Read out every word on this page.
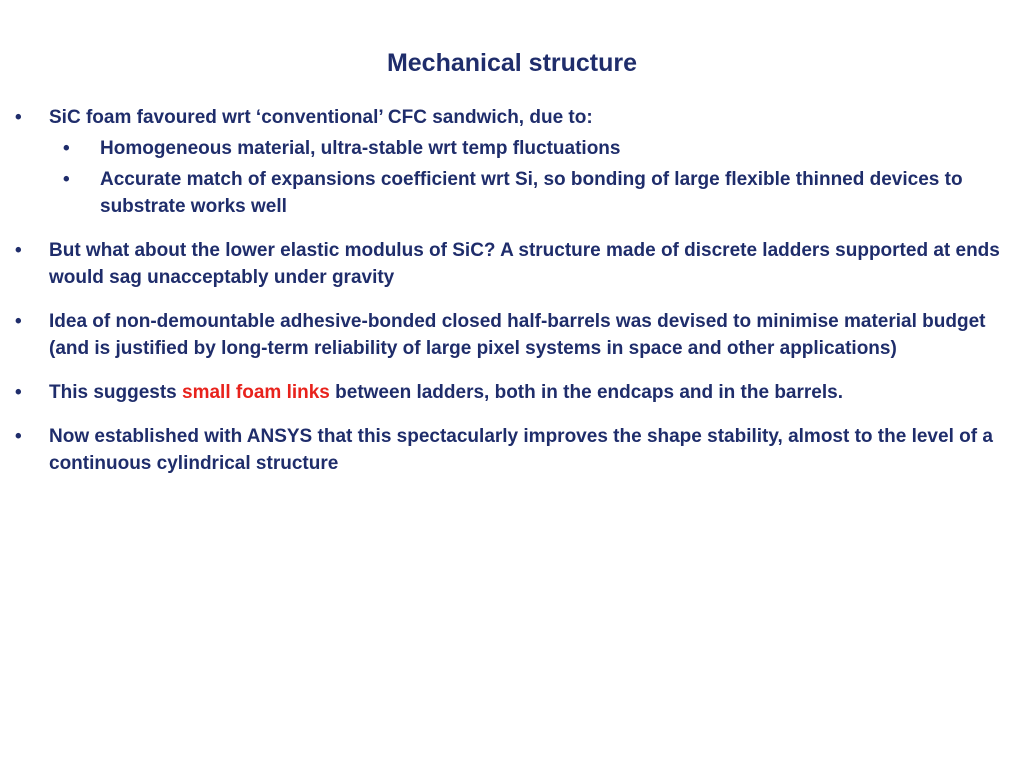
Mechanical structure
• SiC foam favoured wrt ‘conventional’ CFC sandwich, due to:
• Homogeneous material, ultra-stable wrt temp fluctuations
• Accurate match of expansions coefficient wrt Si, so bonding of large flexible thinned devices to substrate works well
• But what about the lower elastic modulus of SiC? A structure made of discrete ladders supported at ends would sag unacceptably under gravity
• Idea of non-demountable adhesive-bonded closed half-barrels was devised to minimise material budget (and is justified by long-term reliability of large pixel systems in space and other applications)
• This suggests small foam links between ladders, both in the endcaps and in the barrels.
• Now established with ANSYS that this spectacularly improves the shape stability, almost to the level of a continuous cylindrical structure
